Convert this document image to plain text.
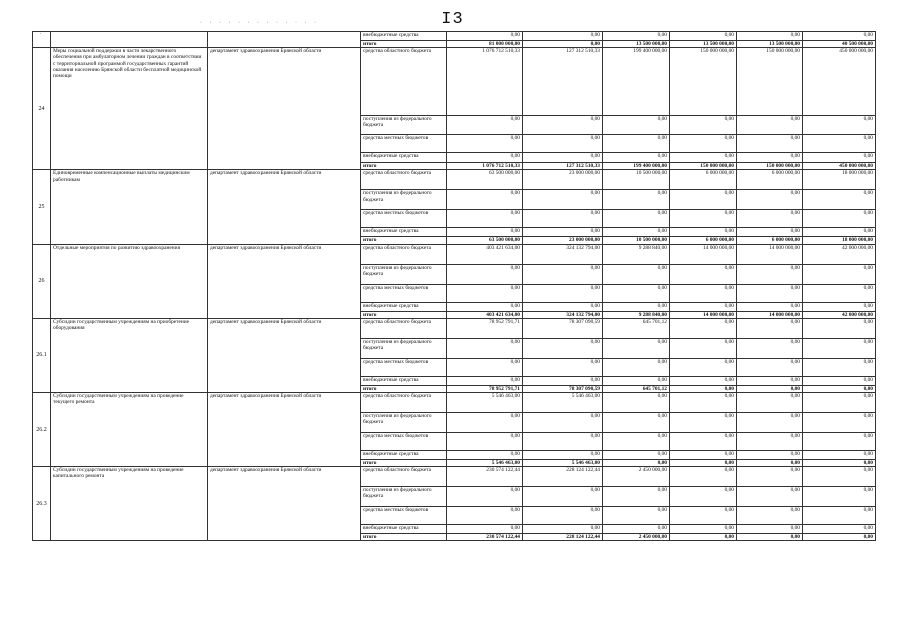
I3
· · · · · · · · · · · · ·
.
				внебюджетные средства	0,00	0,00	0,00	0,00	0,00	0,00
			итого	81 000 000,00	0,00	13 500 000,00	13 500 000,00	13 500 000,00	40 500 000,00
24	Меры социальной поддержки в части лекарственного обеспечения при амбулаторном лечении граждан в соответствии с территориальной программой государственных гарантий оказания населению Брянской области бесплатной медицинской помощи	департамент здравоохранения Брянской области	средства областного бюджета	1 076 712 510,33	127 312 510,33	199 400 000,00	150 000 000,00	150 000 000,00	450 000 000,00
			поступления из федерального бюджета	0,00	0,00	0,00	0,00	0,00	0,00
			средства местных бюджетов	0,00	0,00	0,00	0,00	0,00	0,00
			внебюджетные средства	0,00	0,00	0,00	0,00	0,00	0,00
			итого	1 076 712 510,33	127 312 510,33	199 400 000,00	150 000 000,00	150 000 000,00	450 000 000,00
25	Единовременные компенсационные выплаты медицинским работникам	департамент здравоохранения Брянской области	средства областного бюджета	63 500 000,00	23 000 000,00	10 500 000,00	6 000 000,00	6 000 000,00	18 000 000,00
			поступления из федерального бюджета	0,00	0,00	0,00	0,00	0,00	0,00
			средства местных бюджетов	0,00	0,00	0,00	0,00	0,00	0,00
			внебюджетные средства	0,00	0,00	0,00	0,00	0,00	0,00
			итого	63 500 000,00	23 000 000,00	10 500 000,00	6 000 000,00	6 000 000,00	18 000 000,00
26	Отдельные мероприятия по развитию здравоохранения	департамент здравоохранения Брянской области	средства областного бюджета	403 421 634,00	324 132 794,00	9 288 840,00	14 000 000,00	14 000 000,00	42 000 000,00
			поступления из федерального бюджета	0,00	0,00	0,00	0,00	0,00	0,00
			средства местных бюджетов	0,00	0,00	0,00	0,00	0,00	0,00
			внебюджетные средства	0,00	0,00	0,00	0,00	0,00	0,00
			итого	403 421 634,00	324 132 794,00	9 288 840,00	14 000 000,00	14 000 000,00	42 000 000,00
26.1	Субсидии государственным учреждениям на приобретение оборудования	департамент здравоохранения Брянской области	средства областного бюджета	78 952 791,71	78 307 090,59	645 701,12	0,00	0,00	0,00
			поступления из федерального бюджета	0,00	0,00	0,00	0,00	0,00	0,00
			средства местных бюджетов	0,00	0,00	0,00	0,00	0,00	0,00
			внебюджетные средства	0,00	0,00	0,00	0,00	0,00	0,00
			итого	78 952 791,71	78 307 090,59	645 701,12	0,00	0,00	0,00
26.2	Субсидии государственным учреждениям на проведение текущего ремонта	департамент здравоохранения Брянской области	средства областного бюджета	5 546 463,00	5 546 463,00	0,00	0,00	0,00	0,00
			поступления из федерального бюджета	0,00	0,00	0,00	0,00	0,00	0,00
			средства местных бюджетов	0,00	0,00	0,00	0,00	0,00	0,00
			внебюджетные средства	0,00	0,00	0,00	0,00	0,00	0,00
			итого	5 546 463,00	5 546 463,00	0,00	0,00	0,00	0,00
26.3	Субсидии государственным учреждениям на проведение капитального ремонта	департамент здравоохранения Брянской области	средства областного бюджета	230 574 122,44	228 124 122,44	2 450 000,00	0,00	0,00	0,00
			поступления из федерального бюджета	0,00	0,00	0,00	0,00	0,00	0,00
			средства местных бюджетов	0,00	0,00	0,00	0,00	0,00	0,00
			внебюджетные средства	0,00	0,00	0,00	0,00	0,00	0,00
			итого	230 574 122,44	228 124 122,44	2 450 000,00	0,00	0,00	0,00
